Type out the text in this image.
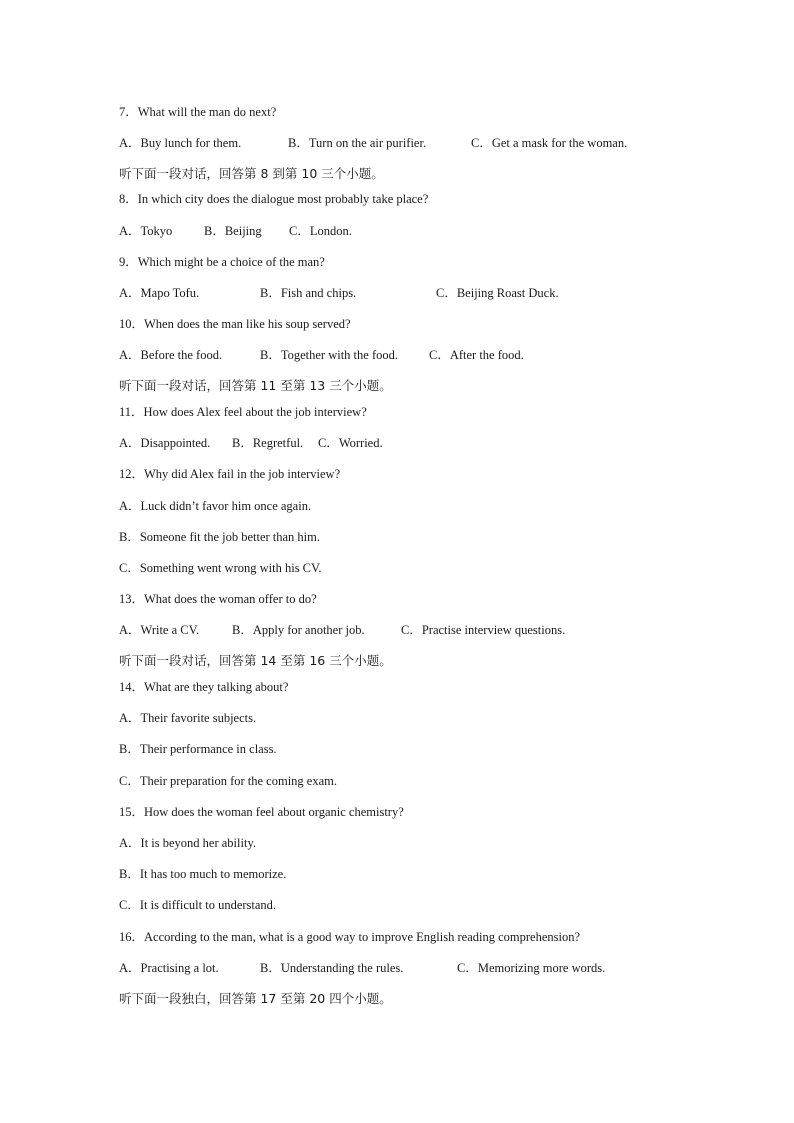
7．What will the man do next?
A．Buy lunch for them.	B．Turn on the air purifier.	C．Get a mask for the woman.
听下面一段对话，回答第 8 到第 10 三个小题。
8．In which city does the dialogue most probably take place?
A．Tokyo	B．Beijing C．London.
9．Which might be a choice of the man?
A．Mapo Tofu.	B．Fish and chips.	C．Beijing Roast Duck.
10．When does the man like his soup served?
A．Before the food.	B．Together with the food. C．After the food.
听下面一段对话，回答第 11 至第 13 三个小题。
11．How does Alex feel about the job interview?
A．Disappointed. B．Regretful. C．Worried.
12．Why did Alex fail in the job interview?
A．Luck didn’t favor him once again.
B．Someone fit the job better than him.
C．Something went wrong with his CV.
13．What does the woman offer to do?
A．Write a CV.	B．Apply for another job.	C．Practise interview questions.
听下面一段对话，回答第 14 至第 16 三个小题。
14．What are they talking about?
A．Their favorite subjects.
B．Their performance in class.
C．Their preparation for the coming exam.
15．How does the woman feel about organic chemistry?
A．It is beyond her ability.
B．It has too much to memorize.
C．It is difficult to understand.
16．According to the man, what is a good way to improve English reading comprehension?
A．Practising a lot.	B．Understanding the rules.	C．Memorizing more words.
听下面一段独白，回答第 17 至第 20 四个小题。
